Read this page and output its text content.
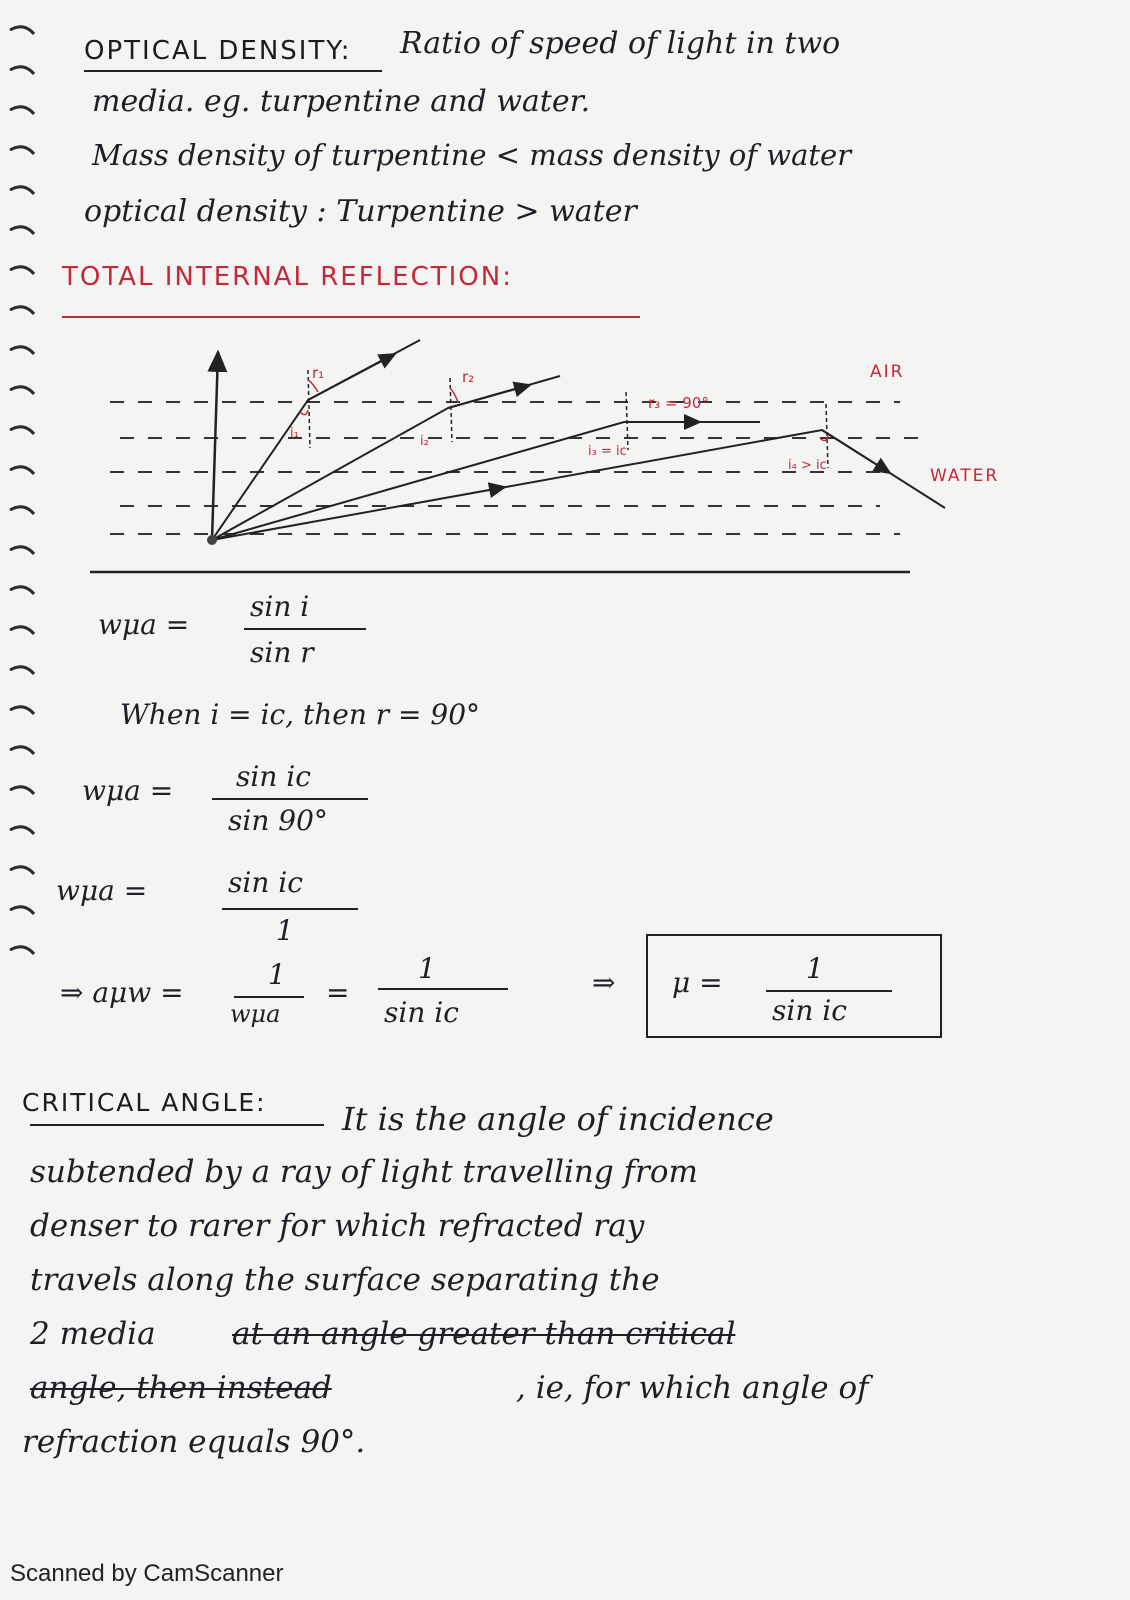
OPTICAL DENSITY: Ratio of speed of light in two
media. eg. turpentine and water.
Mass density of turpentine < mass density of water
optical density : Turpentine > water
TOTAL INTERNAL REFLECTION:
AIR
WATER
r₁	r₂
r₃ = 90°
i₁
i₂
i₃ = ic
i₄ > ic
wμa =
sin i
sin r
When i = ic, then r = 90°
wμa = sin ic
sin 90°
wμa =	sin ic
1
⇒ aμw =
1
wμa
=
1
sin ic
⇒ μ =	1
sin ic
CRITICAL ANGLE: It is the angle of incidence
subtended by a ray of light travelling from
denser to rarer for which refracted ray
travels along the surface separating the
2 media at an angle greater than critical
angle, then instead	, ie, for which angle of
refraction equals 90°.
Scanned by CamScanner
